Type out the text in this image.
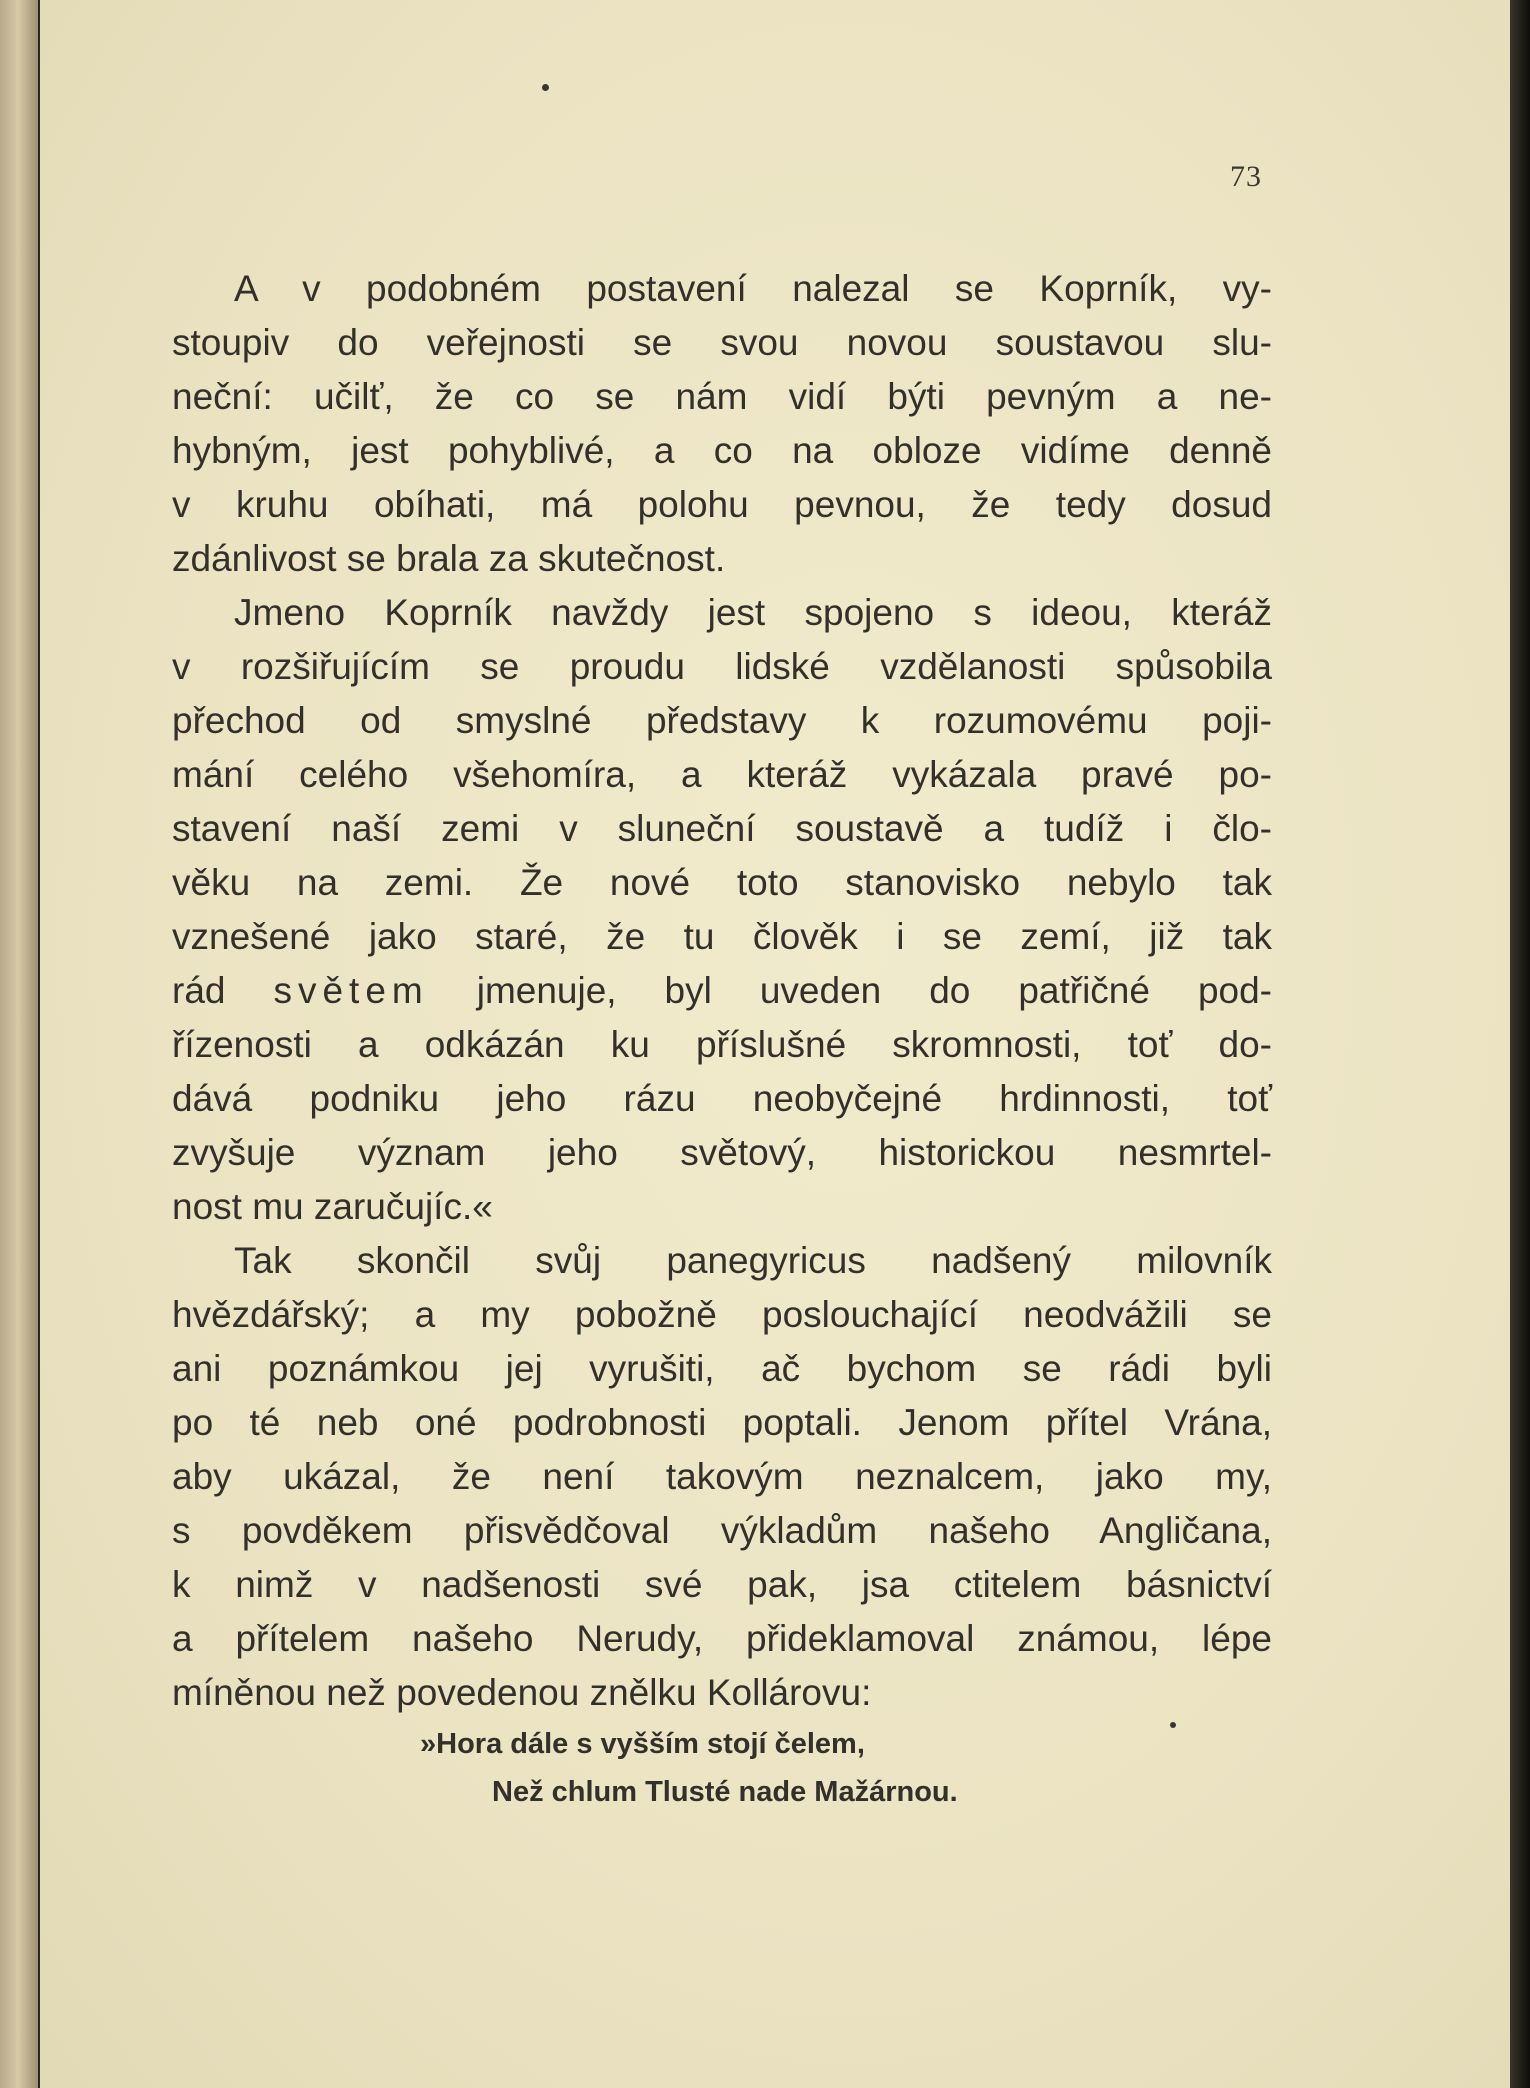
73

A v podobném postavení nalezal se Koprník, vy-
stoupiv do veřejnosti se svou novou soustavou slu-
neční: učilť, že co se nám vidí býti pevným a ne-
hybným, jest pohyblivé, a co na obloze vidíme denně
v kruhu obíhati, má polohu pevnou, že tedy dosud
zdánlivost se brala za skutečnost.

Jmeno Koprník navždy jest spojeno s ideou, kteráž
v rozšiřujícím se proudu lidské vzdělanosti spůsobila
přechod od smyslné představy k rozumovému poji-
mání celého všehomíra, a kteráž vykázala pravé po-
stavení naší zemi v sluneční soustavě a tudíž i člo-
věku na zemi. Že nové toto stanovisko nebylo tak
vznešené jako staré, že tu člověk i se zemí, již tak
rád světem jmenuje, byl uveden do patřičné pod-
řízenosti a odkázán ku příslušné skromnosti, toť do-
dává podniku jeho rázu neobyčejné hrdinnosti, toť
zvyšuje význam jeho světový, historickou nesmrtel-
nost mu zaručujíc.«

Tak skončil svůj panegyricus nadšený milovník
hvězdářský; a my pobožně poslouchající neodvážili se
ani poznámkou jej vyrušiti, ač bychom se rádi byli
po té neb oné podrobnosti poptali. Jenom přítel Vrána,
aby ukázal, že není takovým neznalcem, jako my,
s povděkem přisvědčoval výkladům našeho Angličana,
k nimž v nadšenosti své pak, jsa ctitelem básnictví
a přítelem našeho Nerudy, přideklamoval známou, lépe
míněnou než povedenou znělku Kollárovu:

»Hora dále s vyšším stojí čelem,
Než chlum Tlusté nade Mažárnou.
